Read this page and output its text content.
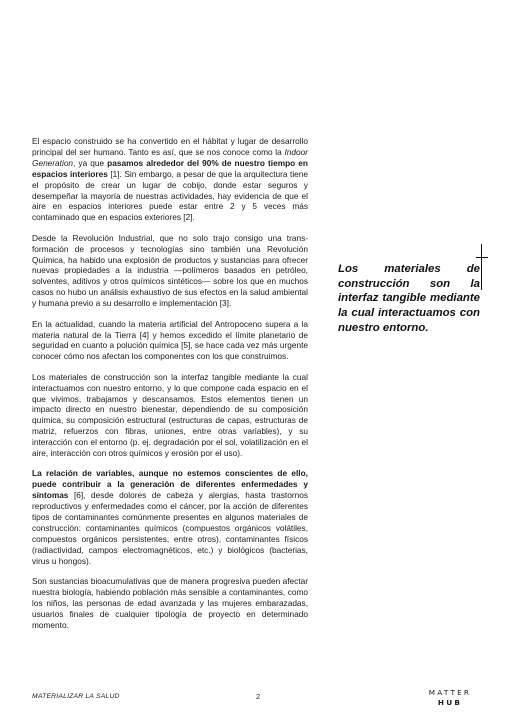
El espacio construido se ha convertido en el hábitat y lugar de desarrollo principal del ser humano. Tanto es así, que se nos conoce como la Indoor Generation, ya que pasamos alrededor del 90% de nuestro tiempo en espacios interiores [1]. Sin embargo, a pesar de que la arquitectura tiene el propósito de crear un lugar de cobijo, donde estar seguros y desempeñar la mayoría de nuestras actividades, hay evidencia de que el aire en espacios interiores puede estar entre 2 y 5 veces más contaminado que en espacios exteriores [2].

Desde la Revolución Industrial, que no solo trajo consigo una transformación de procesos y tecnologías sino también una Revolución Química, ha habido una explosión de productos y sustancias para ofrecer nuevas propiedades a la industria —polímeros basados en petróleo, solventes, aditivos y otros químicos sintéticos— sobre los que en muchos casos no hubo un análisis exhaustivo de sus efectos en la salud ambiental y humana previo a su desarrollo e implementación [3].

En la actualidad, cuando la materia artificial del Antropoceno supera a la materia natural de la Tierra [4] y hemos excedido el límite planetario de seguridad en cuanto a polución química [5], se hace cada vez más urgente conocer cómo nos afectan los componentes con los que construimos.

Los materiales de construcción son la interfaz tangible mediante la cual interactuamos con nuestro entorno, y lo que compone cada espacio en el que vivimos, trabajamos y descansamos. Estos elementos tienen un impacto directo en nuestro bienestar, dependiendo de su composición química, su composición estructural (estructuras de capas, estructuras de matriz, refuerzos con fibras, uniones, entre otras variables), y su interacción con el entorno (p. ej. degradación por el sol, volatilización en el aire, interacción con otros químicos y erosión por el uso).

La relación de variables, aunque no estemos conscientes de ello, puede contribuir a la generación de diferentes enfermedades y síntomas [6], desde dolores de cabeza y alergias, hasta trastornos reproductivos y enfermedades como el cáncer, por la acción de diferentes tipos de contaminantes comúnmente presentes en algunos materiales de construcción: contaminantes químicos (compuestos orgánicos volátiles, compuestos orgánicos persistentes, entre otros), contaminantes físicos (radiactividad, campos electromagnéticos, etc.) y biológicos (bacterias, virus u hongos).

Son sustancias bioacumulativas que de manera progresiva pueden afectar nuestra biología, habiendo población más sensible a contaminantes, como los niños, las personas de edad avanzada y las mujeres embarazadas, usuarios finales de cualquier tipología de proyecto en determinado momento.

Los materiales de construcción son la interfaz tangible mediante la cual interactuamos con nuestro entorno.
MATERIALIZAR LA SALUD	2	MATTER
HUB
